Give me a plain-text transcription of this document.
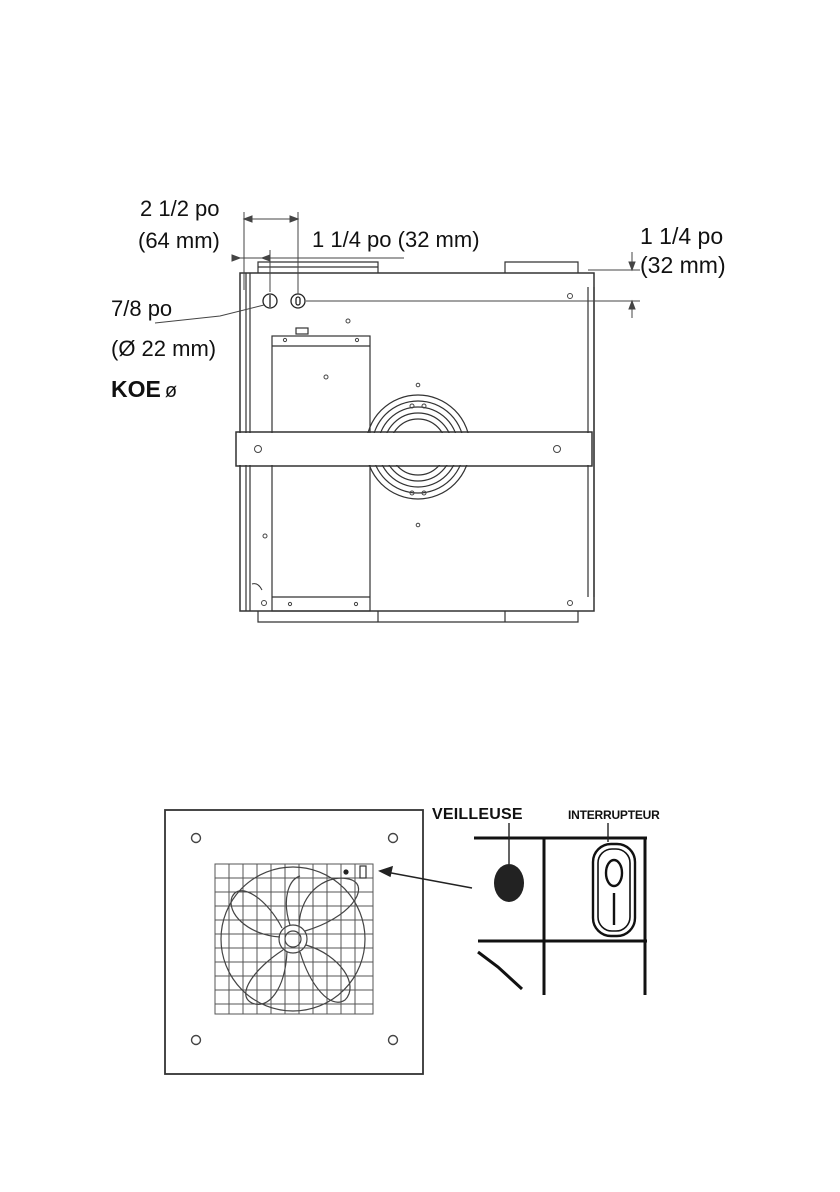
2 1/2 po
(64 mm)	1 1/4 po (32 mm)	1 1/4 po
(32 mm)
7/8 po
(Ø 22 mm)
KOE ø
VEILLEUSE	INTERRUPTEUR
